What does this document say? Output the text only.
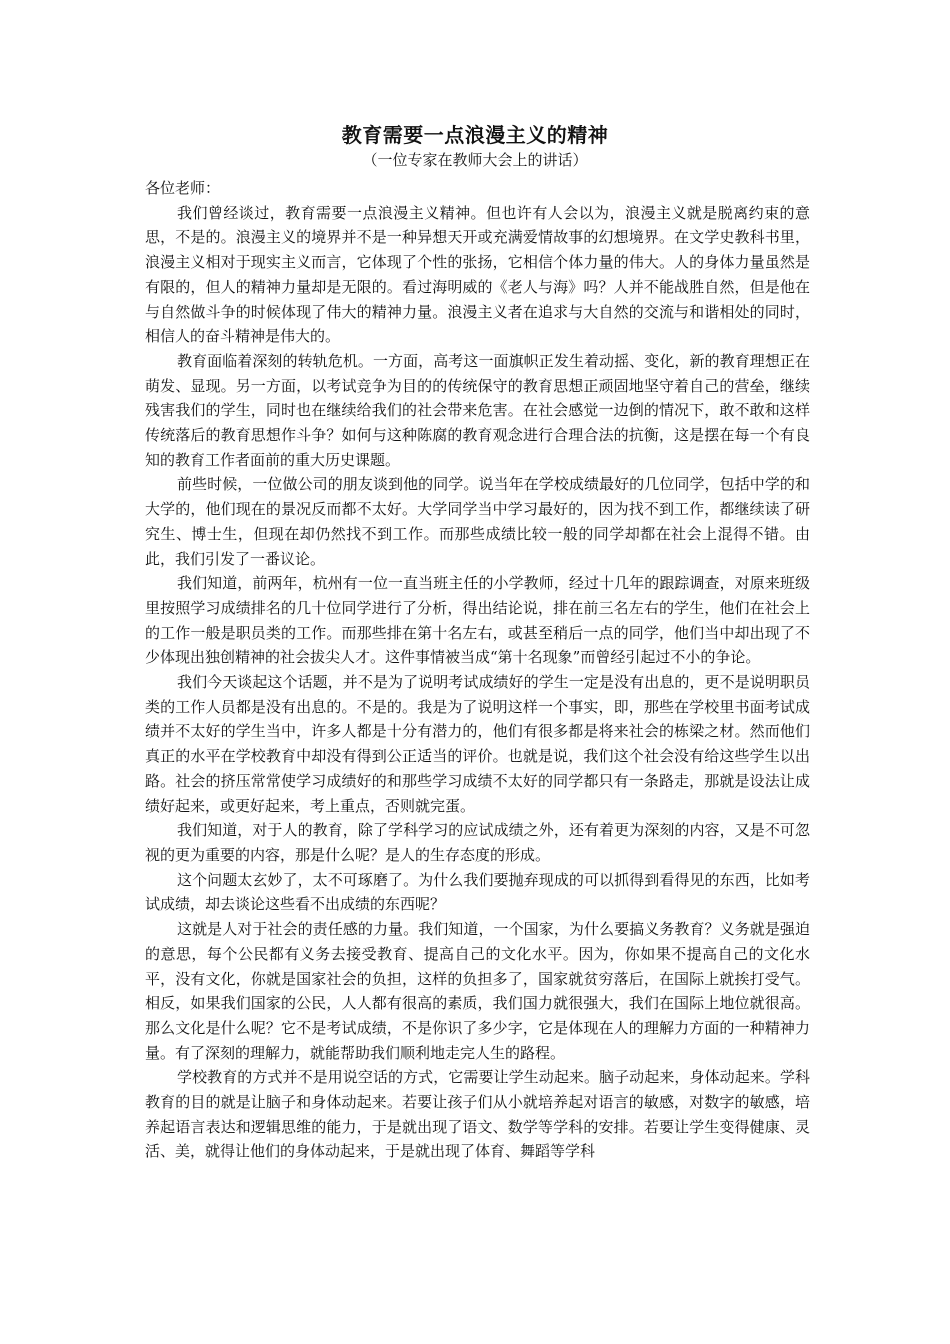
教育需要一点浪漫主义的精神
（一位专家在教师大会上的讲话）

各位老师：

我们曾经谈过，教育需要一点浪漫主义精神。但也许有人会以为，浪漫主义就是脱离约束的意思，不是的。浪漫主义的境界并不是一种异想天开或充满爱情故事的幻想境界。在文学史教科书里，浪漫主义相对于现实主义而言，它体现了个性的张扬，它相信个体力量的伟大。人的身体力量虽然是有限的，但人的精神力量却是无限的。看过海明威的《老人与海》吗？人并不能战胜自然，但是他在与自然做斗争的时候体现了伟大的精神力量。浪漫主义者在追求与大自然的交流与和谐相处的同时，相信人的奋斗精神是伟大的。

教育面临着深刻的转轨危机。一方面，高考这一面旗帜正发生着动摇、变化，新的教育理想正在萌发、显现。另一方面，以考试竞争为目的的传统保守的教育思想正顽固地坚守着自己的营垒，继续残害我们的学生，同时也在继续给我们的社会带来危害。在社会感觉一边倒的情况下，敢不敢和这样传统落后的教育思想作斗争？如何与这种陈腐的教育观念进行合理合法的抗衡，这是摆在每一个有良知的教育工作者面前的重大历史课题。

前些时候，一位做公司的朋友谈到他的同学。说当年在学校成绩最好的几位同学，包括中学的和大学的，他们现在的景况反而都不太好。大学同学当中学习最好的，因为找不到工作，都继续读了研究生、博士生，但现在却仍然找不到工作。而那些成绩比较一般的同学却都在社会上混得不错。由此，我们引发了一番议论。

我们知道，前两年，杭州有一位一直当班主任的小学教师，经过十几年的跟踪调查，对原来班级里按照学习成绩排名的几十位同学进行了分析，得出结论说，排在前三名左右的学生，他们在社会上的工作一般是职员类的工作。而那些排在第十名左右，或甚至稍后一点的同学，他们当中却出现了不少体现出独创精神的社会拔尖人才。这件事情被当成“第十名现象”而曾经引起过不小的争论。

我们今天谈起这个话题，并不是为了说明考试成绩好的学生一定是没有出息的，更不是说明职员类的工作人员都是没有出息的。不是的。我是为了说明这样一个事实，即，那些在学校里书面考试成绩并不太好的学生当中，许多人都是十分有潜力的，他们有很多都是将来社会的栋梁之材。然而他们真正的水平在学校教育中却没有得到公正适当的评价。也就是说，我们这个社会没有给这些学生以出路。社会的挤压常常使学习成绩好的和那些学习成绩不太好的同学都只有一条路走，那就是设法让成绩好起来，或更好起来，考上重点，否则就完蛋。

我们知道，对于人的教育，除了学科学习的应试成绩之外，还有着更为深刻的内容，又是不可忽视的更为重要的内容，那是什么呢？是人的生存态度的形成。

这个问题太玄妙了，太不可琢磨了。为什么我们要抛弃现成的可以抓得到看得见的东西，比如考试成绩，却去谈论这些看不出成绩的东西呢？

这就是人对于社会的责任感的力量。我们知道，一个国家，为什么要搞义务教育？义务就是强迫的意思，每个公民都有义务去接受教育、提高自己的文化水平。因为，你如果不提高自己的文化水平，没有文化，你就是国家社会的负担，这样的负担多了，国家就贫穷落后，在国际上就挨打受气。相反，如果我们国家的公民，人人都有很高的素质，我们国力就很强大，我们在国际上地位就很高。那么文化是什么呢？它不是考试成绩，不是你识了多少字，它是体现在人的理解力方面的一种精神力量。有了深刻的理解力，就能帮助我们顺利地走完人生的路程。

学校教育的方式并不是用说空话的方式，它需要让学生动起来。脑子动起来，身体动起来。学科教育的目的就是让脑子和身体动起来。若要让孩子们从小就培养起对语言的敏感，对数字的敏感，培养起语言表达和逻辑思维的能力，于是就出现了语文、数学等学科的安排。若要让学生变得健康、灵活、美，就得让他们的身体动起来，于是就出现了体育、舞蹈等学科
